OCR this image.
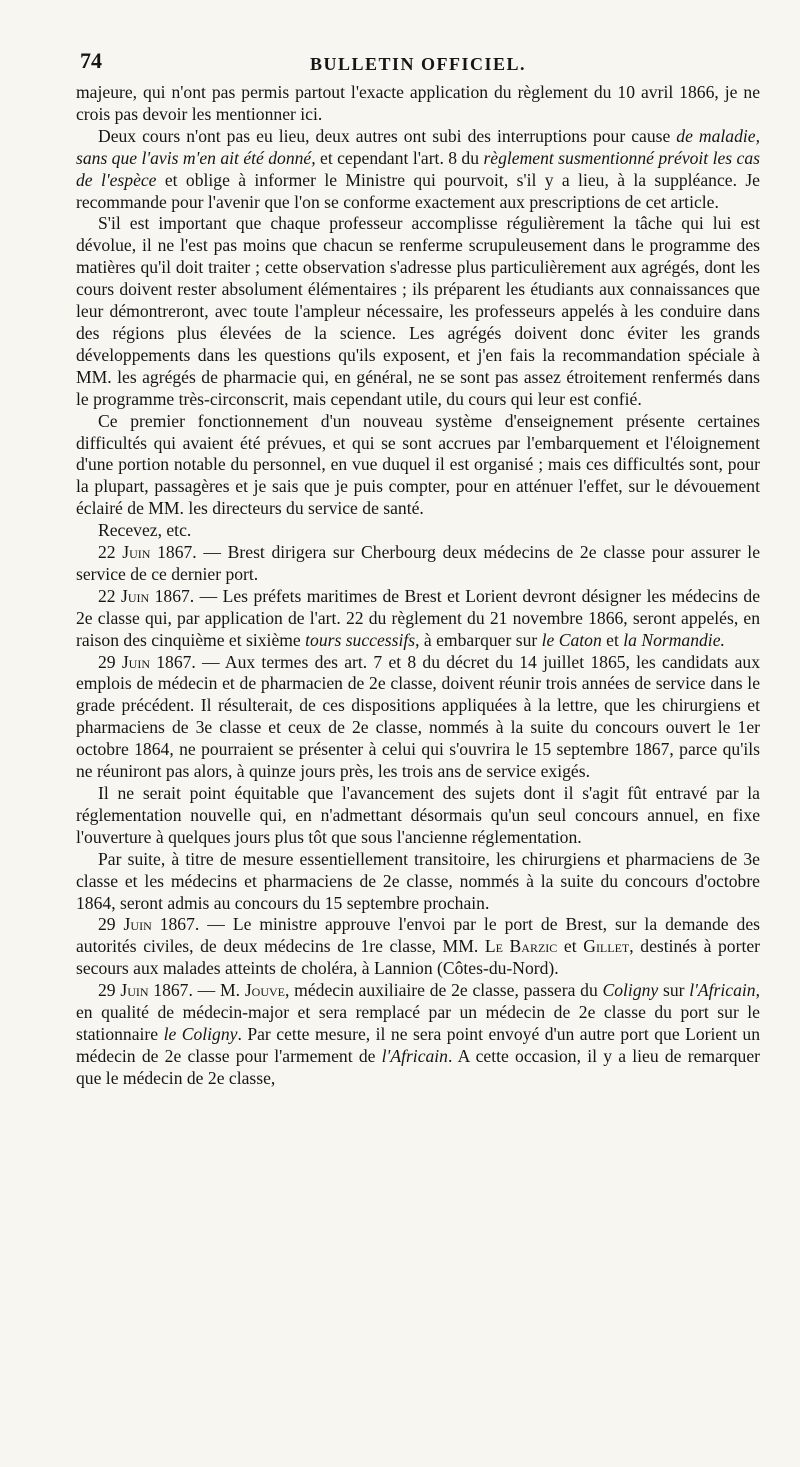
74	BULLETIN OFFICIEL.

majeure, qui n'ont pas permis partout l'exacte application du règlement du 10 avril 1866, je ne crois pas devoir les mentionner ici.

Deux cours n'ont pas eu lieu, deux autres ont subi des interruptions pour cause de maladie, sans que l'avis m'en ait été donné, et cependant l'art. 8 du règlement susmentionné prévoit les cas de l'espèce et oblige à informer le Ministre qui pourvoit, s'il y a lieu, à la suppléance. Je recommande pour l'avenir que l'on se conforme exactement aux prescriptions de cet article.

S'il est important que chaque professeur accomplisse régulièrement la tâche qui lui est dévolue, il ne l'est pas moins que chacun se renferme scrupuleusement dans le programme des matières qu'il doit traiter ; cette observation s'adresse plus particulièrement aux agrégés, dont les cours doivent rester absolument élémentaires ; ils préparent les étudiants aux connaissances que leur démontreront, avec toute l'ampleur nécessaire, les professeurs appelés à les conduire dans des régions plus élevées de la science. Les agrégés doivent donc éviter les grands développements dans les questions qu'ils exposent, et j'en fais la recommandation spéciale à MM. les agrégés de pharmacie qui, en général, ne se sont pas assez étroitement renfermés dans le programme très-circonscrit, mais cependant utile, du cours qui leur est confié.

Ce premier fonctionnement d'un nouveau système d'enseignement présente certaines difficultés qui avaient été prévues, et qui se sont accrues par l'embarquement et l'éloignement d'une portion notable du personnel, en vue duquel il est organisé ; mais ces difficultés sont, pour la plupart, passagères et je sais que je puis compter, pour en atténuer l'effet, sur le dévouement éclairé de MM. les directeurs du service de santé.

Recevez, etc.

22 Juin 1867. — Brest dirigera sur Cherbourg deux médecins de 2e classe pour assurer le service de ce dernier port.

22 Juin 1867. — Les préfets maritimes de Brest et Lorient devront désigner les médecins de 2e classe qui, par application de l'art. 22 du règlement du 21 novembre 1866, seront appelés, en raison des cinquième et sixième tours successifs, à embarquer sur le Caton et la Normandie.

29 Juin 1867. — Aux termes des art. 7 et 8 du décret du 14 juillet 1865, les candidats aux emplois de médecin et de pharmacien de 2e classe, doivent réunir trois années de service dans le grade précédent. Il résulterait, de ces dispositions appliquées à la lettre, que les chirurgiens et pharmaciens de 3e classe et ceux de 2e classe, nommés à la suite du concours ouvert le 1er octobre 1864, ne pourraient se présenter à celui qui s'ouvrira le 15 septembre 1867, parce qu'ils ne réuniront pas alors, à quinze jours près, les trois ans de service exigés.

Il ne serait point équitable que l'avancement des sujets dont il s'agit fût entravé par la réglementation nouvelle qui, en n'admettant désormais qu'un seul concours annuel, en fixe l'ouverture à quelques jours plus tôt que sous l'ancienne réglementation.

Par suite, à titre de mesure essentiellement transitoire, les chirurgiens et pharmaciens de 3e classe et les médecins et pharmaciens de 2e classe, nommés à la suite du concours d'octobre 1864, seront admis au concours du 15 septembre prochain.

29 Juin 1867. — Le ministre approuve l'envoi par le port de Brest, sur la demande des autorités civiles, de deux médecins de 1re classe, MM. Le Barzic et Gillet, destinés à porter secours aux malades atteints de choléra, à Lannion (Côtes-du-Nord).

29 Juin 1867. — M. Jouve, médecin auxiliaire de 2e classe, passera du Coligny sur l'Africain, en qualité de médecin-major et sera remplacé par un médecin de 2e classe du port sur le stationnaire le Coligny. Par cette mesure, il ne sera point envoyé d'un autre port que Lorient un médecin de 2e classe pour l'armement de l'Africain. A cette occasion, il y a lieu de remarquer que le médecin de 2e classe,
